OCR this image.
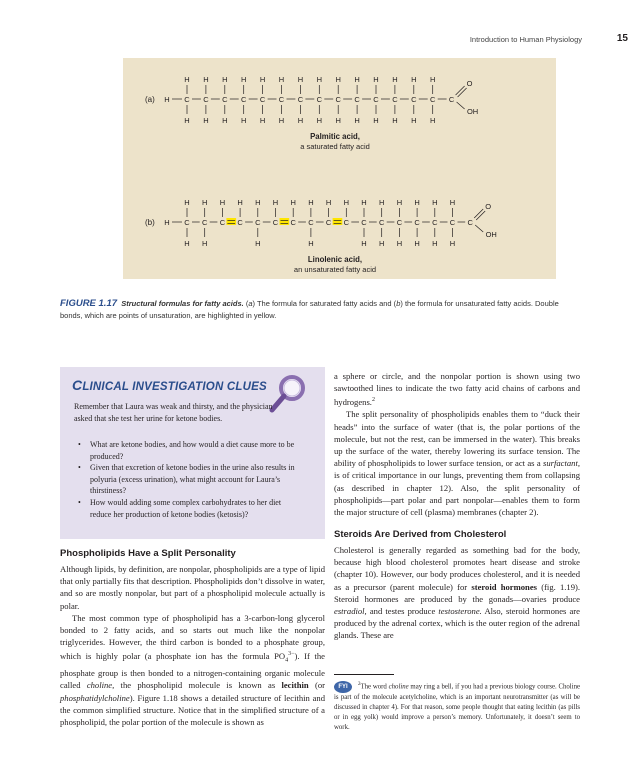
Introduction to Human Physiology	15
H C
H
H
C
H
H
C
H
H
C
H
H
C
H
H
C
H
H
C
H
H
C
H
H
C
H
H
C
H
H
C
H
H
C
H
H
C
H
H
C
H
H
C
O
OH
(a)
Palmitic acid,
a saturated fatty acid
H C
H
H
C
H
H
C
H
C
H
C
H
H
C
H
C
H
C
H
H
C
H
C
H
C
H
H
C
H
H
C
H
H
C
H
H
C
H
H
C
H
H
C
O
OH
(b)
Linolenic acid,
an unsaturated fatty acid
FIGURE 1.17 Structural formulas for fatty acids. (a) The formula for saturated fatty acids and (b) the formula for unsaturated fatty acids. Double bonds, which are points of unsaturation, are highlighted in yellow.
CLINICAL INVESTIGATION CLUES
Remember that Laura was weak and thirsty, and the physician asked that she test her urine for ketone bodies.
• What are ketone bodies, and how would a diet cause more to be produced?
• Given that excretion of ketone bodies in the urine also results in polyuria (excess urination), what might account for Laura’s thirstiness?
• How would adding some complex carbohydrates to her diet reduce her production of ketone bodies (ketosis)?
Phospholipids Have a Split Personality

Although lipids, by definition, are nonpolar, phospholipids are a type of lipid that only partially fits that description. Phospholipids don’t dissolve in water, and so are mostly nonpolar, but part of a phospholipid molecule actually is polar.

The most common type of phospholipid has a 3-carbon-long glycerol bonded to 2 fatty acids, and so starts out much like the nonpolar triglycerides. However, the third carbon is bonded to a phosphate group, which is highly polar (a phosphate ion has the formula $PO_4^{3-}$). If the phosphate group is then bonded to a nitrogen-containing organic molecule called choline, the phospholipid molecule is known as lecithin (or phosphatidylcholine). Figure 1.18 shows a detailed structure of lecithin and the common simplified structure. Notice that in the simplified structure of a phospholipid, the polar portion of the molecule is shown as

a sphere or circle, and the nonpolar portion is shown using two sawtoothed lines to indicate the two fatty acid chains of carbons and hydrogens.$^2$

The split personality of phospholipids enables them to “duck their heads” into the surface of water (that is, the polar portions of the molecule, but not the rest, can be immersed in the water). This breaks up the surface of the water, thereby lowering its surface tension. The ability of phospholipids to lower surface tension, or act as a surfactant, is of critical importance in our lungs, preventing them from collapsing (as described in chapter 12). Also, the split personality of phospholipids—part polar and part nonpolar—enables them to form the major structure of cell (plasma) membranes (chapter 2).

Steroids Are Derived from Cholesterol

Cholesterol is generally regarded as something bad for the body, because high blood cholesterol promotes heart disease and stroke (chapter 10). However, our body produces cholesterol, and it is needed as a precursor (parent molecule) for steroid hormones (fig. 1.19). Steroid hormones are produced by the gonads—ovaries produce estradiol, and testes produce testosterone. Also, steroid hormones are produced by the adrenal cortex, which is the outer region of the adrenal glands. These are

FYI $^2$The word choline may ring a bell, if you had a previous biology course. Choline is part of the molecule acetylcholine, which is an important neurotransmitter (as will be discussed in chapter 4). For that reason, some people thought that eating lecithin (as pills or in egg yolk) would improve a person’s memory. Unfortunately, it doesn’t seem to work.
